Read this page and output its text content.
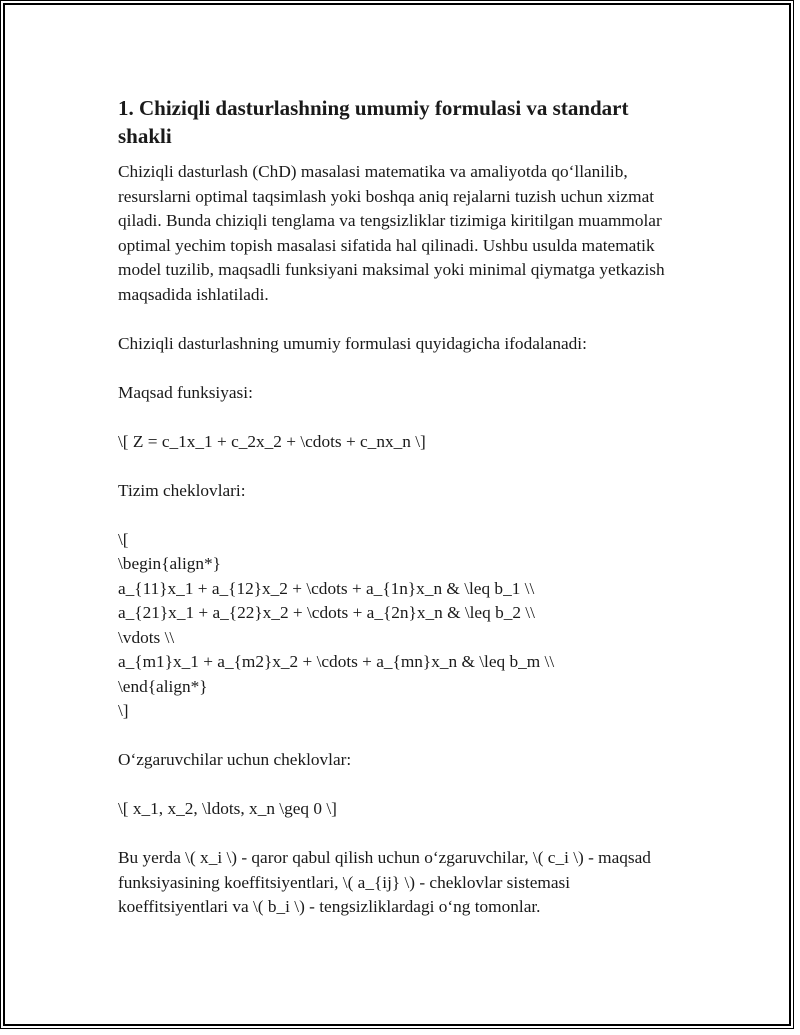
1. Chiziqli dasturlashning umumiy formulasi va standart shakli

Chiziqli dasturlash (ChD) masalasi matematika va amaliyotda qo‘llanilib, resurslarni optimal taqsimlash yoki boshqa aniq rejalarni tuzish uchun xizmat qiladi. Bunda chiziqli tenglama va tengsizliklar tizimiga kiritilgan muammolar optimal yechim topish masalasi sifatida hal qilinadi. Ushbu usulda matematik model tuzilib, maqsadli funksiyani maksimal yoki minimal qiymatga yetkazish maqsadida ishlatiladi.

Chiziqli dasturlashning umumiy formulasi quyidagicha ifodalanadi:

Maqsad funksiyasi:

\[ Z = c_1x_1 + c_2x_2 + \cdots + c_nx_n \]

Tizim cheklovlari:

\[
\begin{align*}
a_{11}x_1 + a_{12}x_2 + \cdots + a_{1n}x_n & \leq b_1 \\
a_{21}x_1 + a_{22}x_2 + \cdots + a_{2n}x_n & \leq b_2 \\
\vdots \\
a_{m1}x_1 + a_{m2}x_2 + \cdots + a_{mn}x_n & \leq b_m \\
\end{align*}
\]

O‘zgaruvchilar uchun cheklovlar:

\[ x_1, x_2, \ldots, x_n \geq 0 \]

Bu yerda \( x_i \) - qaror qabul qilish uchun o‘zgaruvchilar, \( c_i \) - maqsad funksiyasining koeffitsiyentlari, \( a_{ij} \) - cheklovlar sistemasi koeffitsiyentlari va \( b_i \) - tengsizliklardagi o‘ng tomonlar.
